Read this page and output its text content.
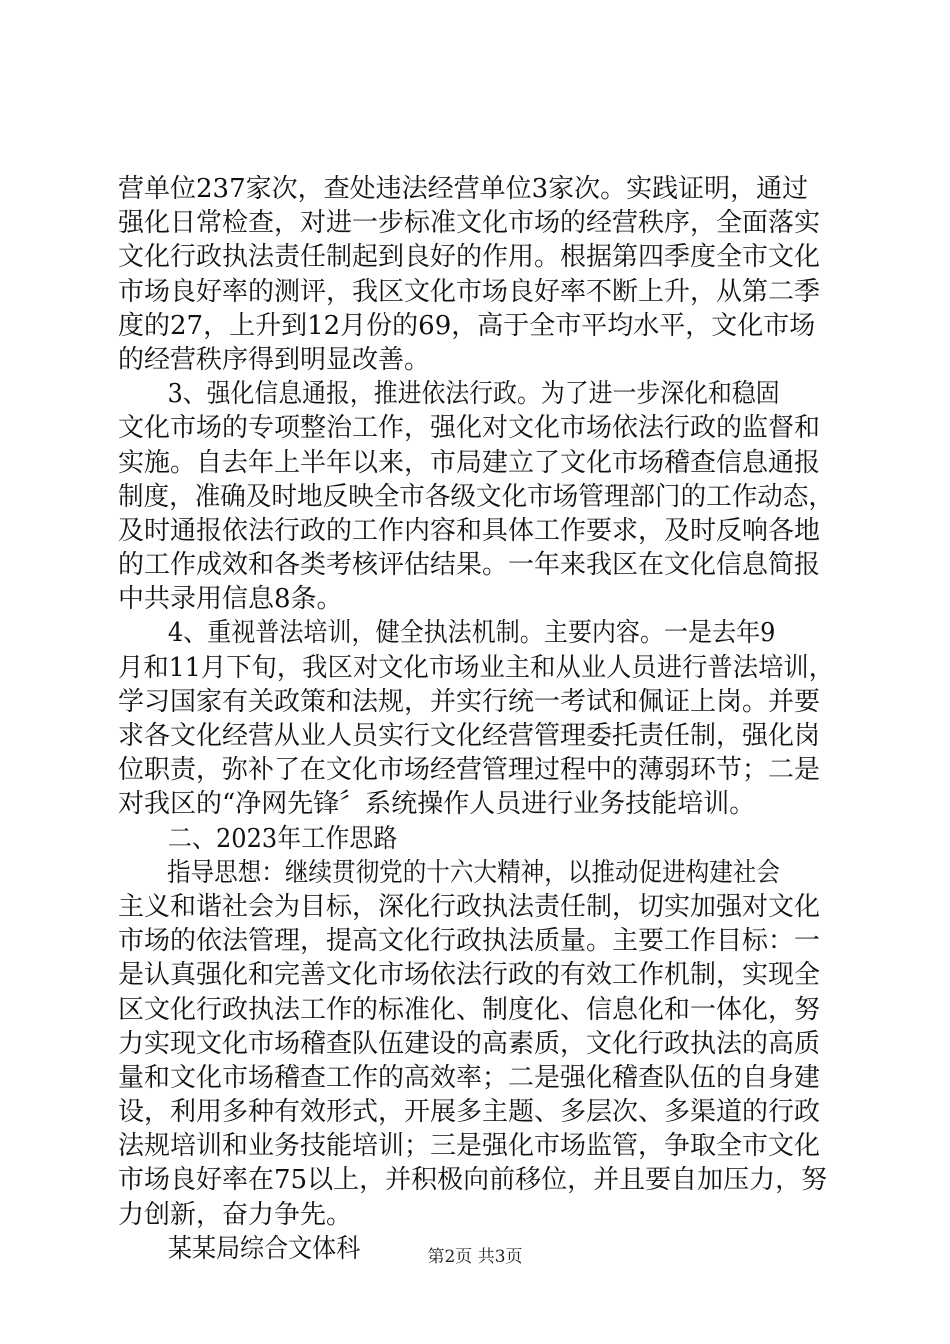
营单位237家次，查处违法经营单位3家次。实践证明，通过
强化日常检查，对进一步标准文化市场的经营秩序，全面落实
文化行政执法责任制起到良好的作用。根据第四季度全市文化
市场良好率的测评，我区文化市场良好率不断上升，从第二季
度的27，上升到12月份的69，高于全市平均水平，文化市场
的经营秩序得到明显改善。
3、强化信息通报，推进依法行政。为了进一步深化和稳固
文化市场的专项整治工作，强化对文化市场依法行政的监督和
实施。自去年上半年以来，市局建立了文化市场稽查信息通报
制度，准确及时地反映全市各级文化市场管理部门的工作动态，
及时通报依法行政的工作内容和具体工作要求，及时反响各地
的工作成效和各类考核评估结果。一年来我区在文化信息简报
中共录用信息8条。
4、重视普法培训，健全执法机制。主要内容。一是去年9
月和11月下旬，我区对文化市场业主和从业人员进行普法培训，
学习国家有关政策和法规，并实行统一考试和佩证上岗。并要
求各文化经营从业人员实行文化经营管理委托责任制，强化岗
位职责，弥补了在文化市场经营管理过程中的薄弱环节；二是
对我区的“净网先锋〞系统操作人员进行业务技能培训。
二、2023年工作思路
指导思想：继续贯彻党的十六大精神，以推动促进构建社会
主义和谐社会为目标，深化行政执法责任制，切实加强对文化
市场的依法管理，提高文化行政执法质量。主要工作目标：一
是认真强化和完善文化市场依法行政的有效工作机制，实现全
区文化行政执法工作的标准化、制度化、信息化和一体化，努
力实现文化市场稽查队伍建设的高素质，文化行政执法的高质
量和文化市场稽查工作的高效率；二是强化稽查队伍的自身建
设，利用多种有效形式，开展多主题、多层次、多渠道的行政
法规培训和业务技能培训；三是强化市场监管，争取全市文化
市场良好率在75以上，并积极向前移位，并且要自加压力，努
力创新，奋力争先。
某某局综合文体科	第2页 共3页
